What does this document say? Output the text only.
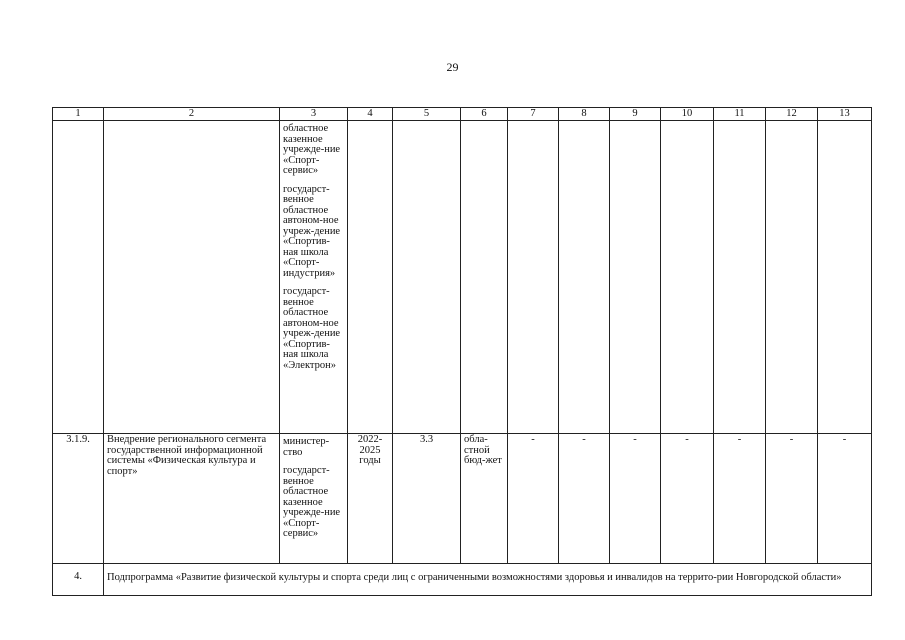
29
1	2	3	4	5	6	7	8	9	10	11	12	13

		областное казенное учрежде-ние «Спорт-сервис»
государст-венное областное автоном-ное учреж-дение «Спортив-ная школа «Спорт-индустрия»
государст-венное областное автоном-ное учреж-дение «Спортив-ная школа «Электрон»										

3.1.9.	Внедрение регионального сегмента государственной информационной системы «Физическая культура и спорт»	министер-ство
государст-венное областное казенное учрежде-ние «Спорт-сервис»	2022-2025 годы	3.3	обла-стной бюд-жет	-	-	-	-	-	-	-
4.	Подпрограмма «Развитие физической культуры и спорта среди лиц с ограниченными возможностями здоровья и инвалидов на террито-рии Новгородской области»											
